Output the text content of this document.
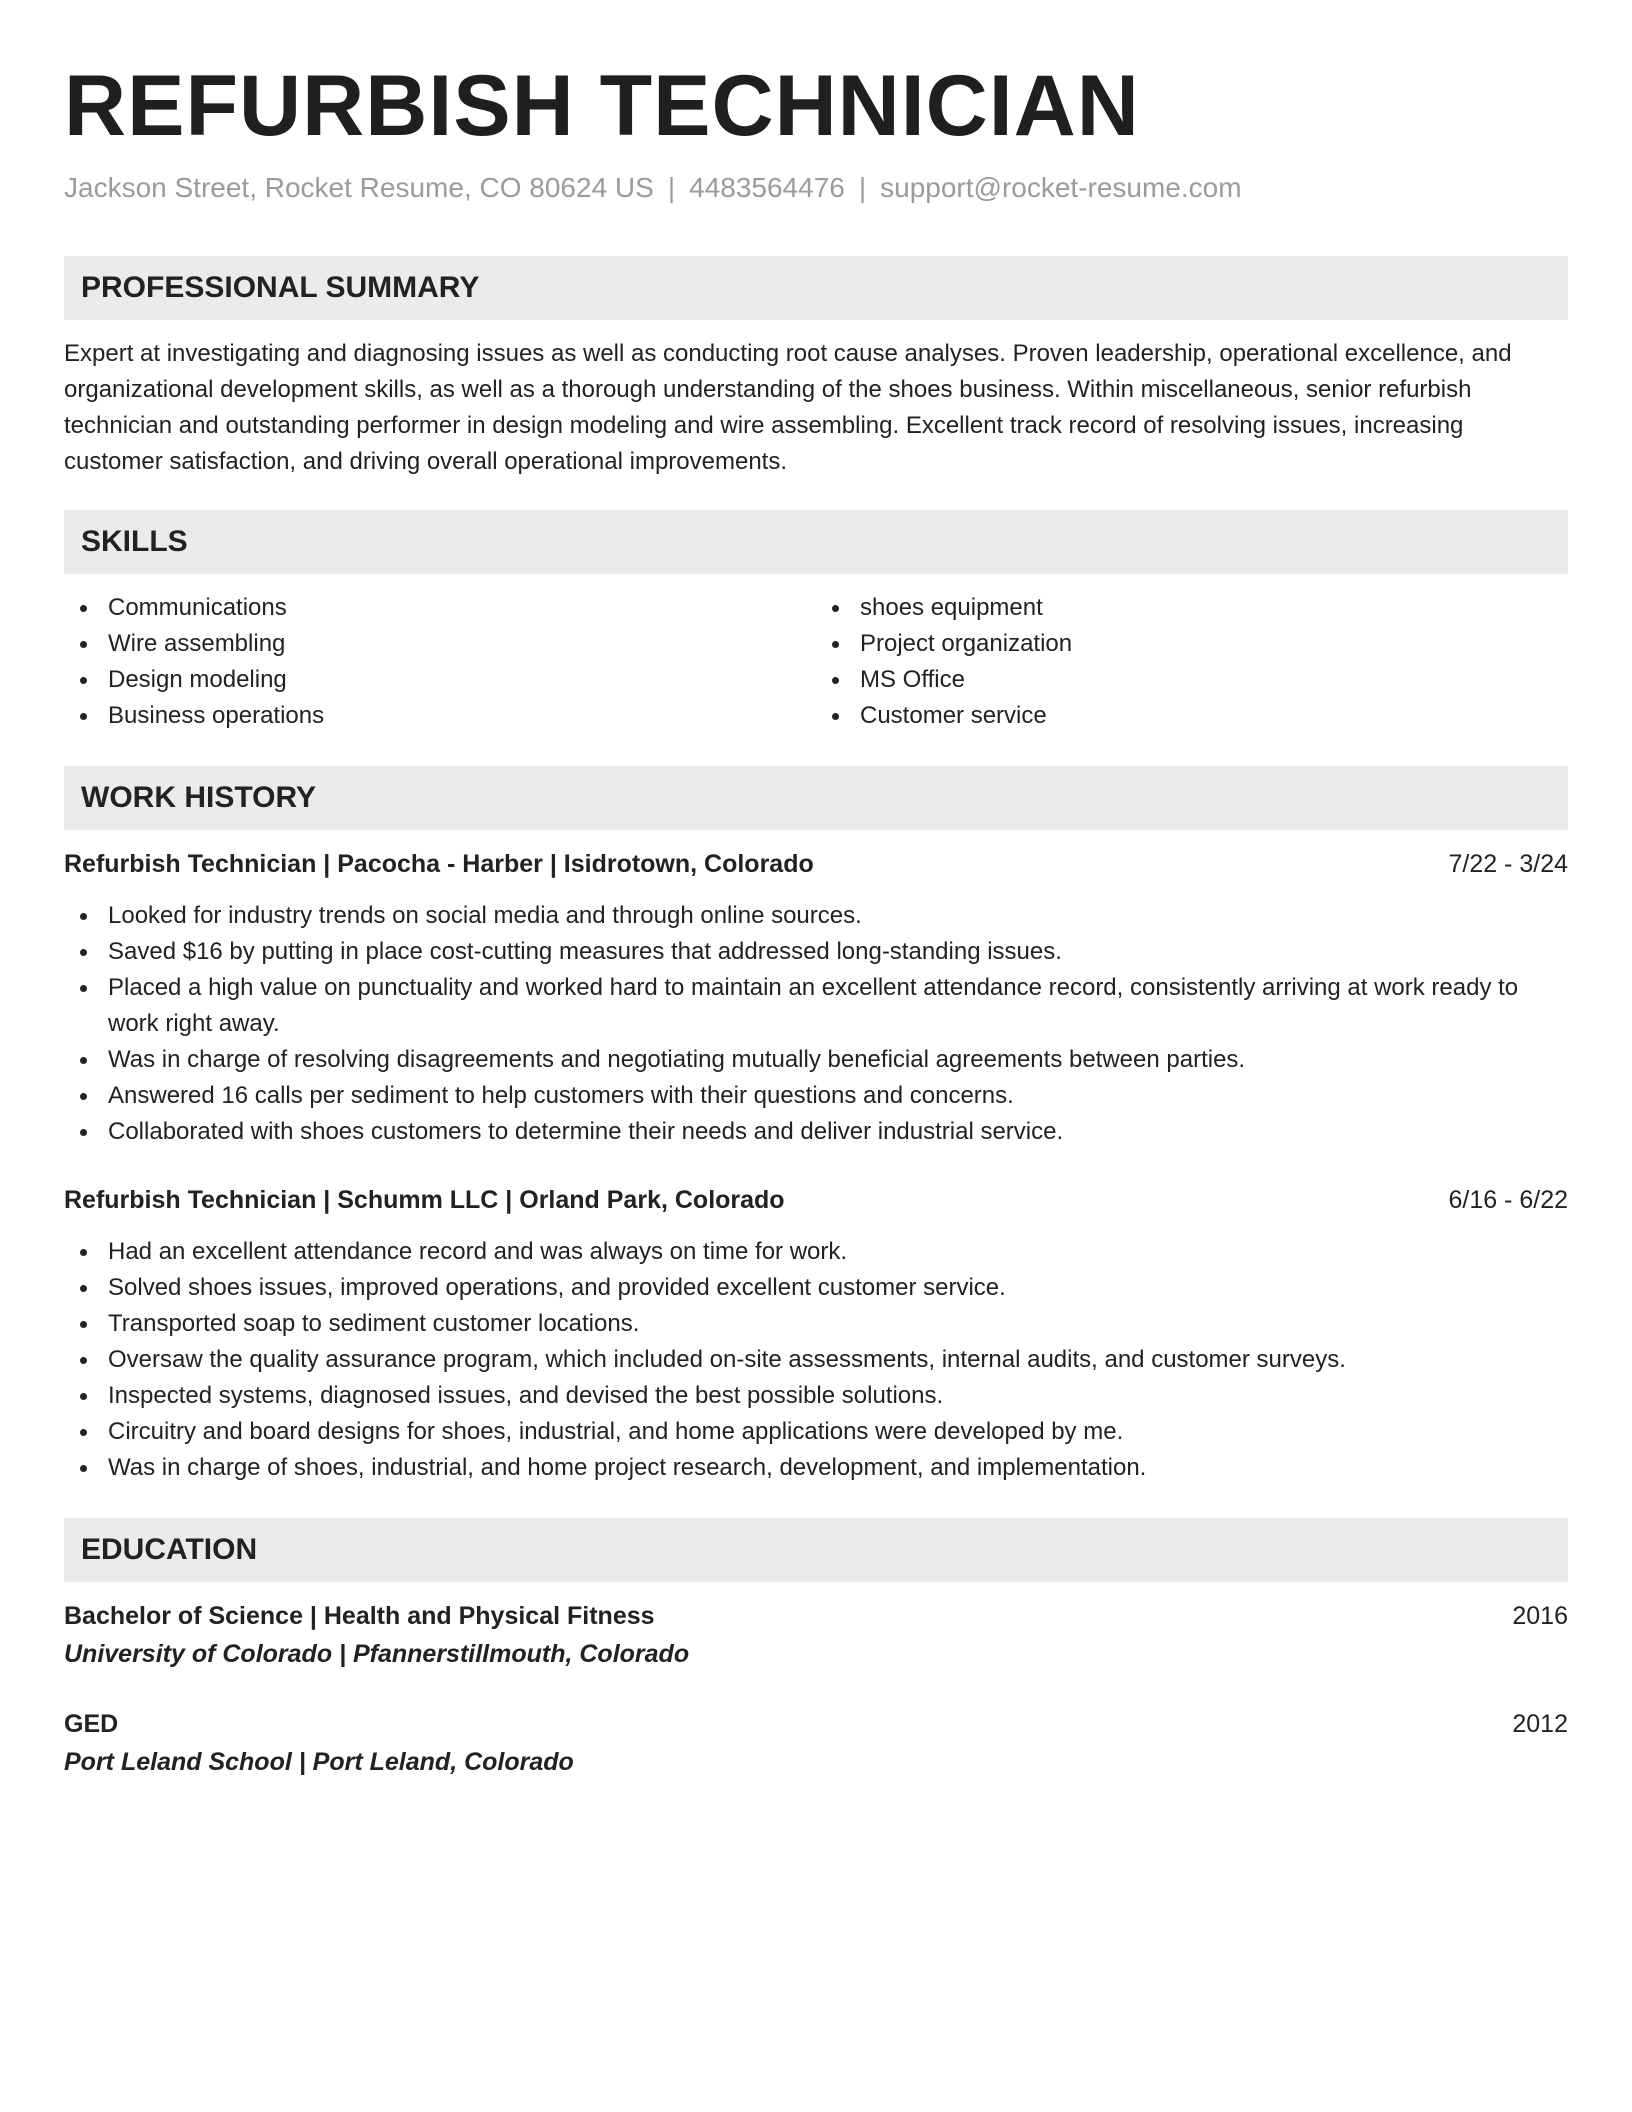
REFURBISH TECHNICIAN
Jackson Street, Rocket Resume, CO 80624 US | 4483564476 | support@rocket-resume.com
PROFESSIONAL SUMMARY

Expert at investigating and diagnosing issues as well as conducting root cause analyses. Proven leadership, operational excellence, and organizational development skills, as well as a thorough understanding of the shoes business. Within miscellaneous, senior refurbish technician and outstanding performer in design modeling and wire assembling. Excellent track record of resolving issues, increasing customer satisfaction, and driving overall operational improvements.

SKILLS
Communications
Wire assembling
Design modeling
Business operations
shoes equipment
Project organization
MS Office
Customer service
WORK HISTORY
Refurbish Technician | Pacocha - Harber | Isidrotown, Colorado	7/22 - 3/24
Looked for industry trends on social media and through online sources.
Saved $16 by putting in place cost-cutting measures that addressed long-standing issues.
Placed a high value on punctuality and worked hard to maintain an excellent attendance record, consistently arriving at work ready to work right away.
Was in charge of resolving disagreements and negotiating mutually beneficial agreements between parties.
Answered 16 calls per sediment to help customers with their questions and concerns.
Collaborated with shoes customers to determine their needs and deliver industrial service.
Refurbish Technician | Schumm LLC | Orland Park, Colorado	6/16 - 6/22
Had an excellent attendance record and was always on time for work.
Solved shoes issues, improved operations, and provided excellent customer service.
Transported soap to sediment customer locations.
Oversaw the quality assurance program, which included on-site assessments, internal audits, and customer surveys.
Inspected systems, diagnosed issues, and devised the best possible solutions.
Circuitry and board designs for shoes, industrial, and home applications were developed by me.
Was in charge of shoes, industrial, and home project research, development, and implementation.
EDUCATION
Bachelor of Science | Health and Physical Fitness	2016
University of Colorado | Pfannerstillmouth, Colorado
GED	2012
Port Leland School | Port Leland, Colorado
